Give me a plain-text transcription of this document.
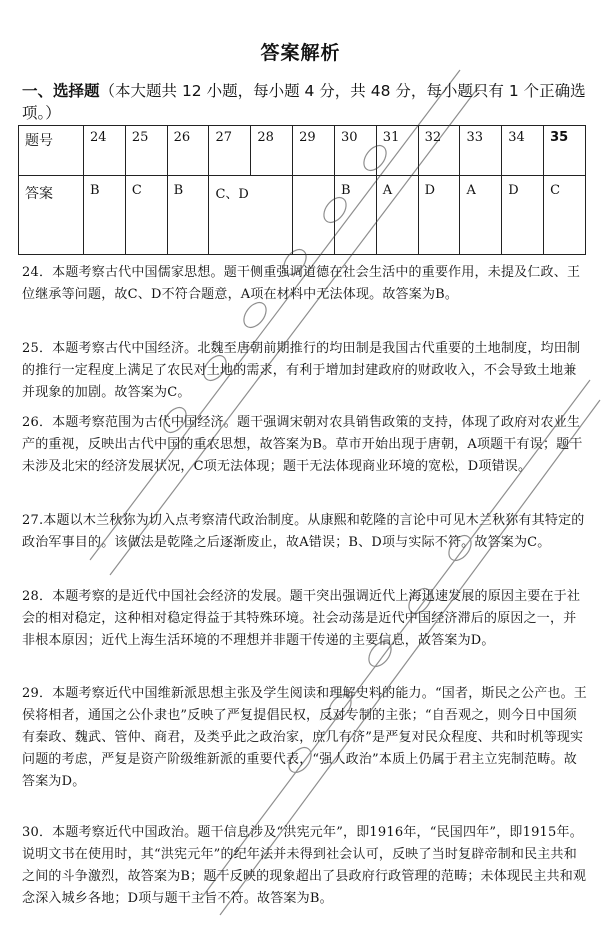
答案解析
一、选择题（本大题共 12 小题，每小题 4 分，共 48 分，每小题只有 1 个正确选项。）
题号	24	25	26	27	28	29	30	31	32	33	34	35
答案	B	C	B	C、D			B	A	D	A	D	C
24．本题考察古代中国儒家思想。题干侧重强调道德在社会生活中的重要作用，未提及仁政、王位继承等问题，故C、D不符合题意，A项在材料中无法体现。故答案为B。
25．本题考察古代中国经济。北魏至唐朝前期推行的均田制是我国古代重要的土地制度，均田制的推行一定程度上满足了农民对土地的需求，有利于增加封建政府的财政收入，不会导致土地兼并现象的加剧。故答案为C。
26．本题考察范围为古代中国经济。题干强调宋朝对农具销售政策的支持，体现了政府对农业生产的重视，反映出古代中国的重农思想，故答案为B。草市开始出现于唐朝，A项题干有误；题干未涉及北宋的经济发展状况，C项无法体现；题干无法体现商业环境的宽松，D项错误。
27.本题以木兰秋狝为切入点考察清代政治制度。从康熙和乾隆的言论中可见木兰秋狝有其特定的政治军事目的。该做法是乾隆之后逐渐废止，故A错误；B、D项与实际不符。故答案为C。
28．本题考察的是近代中国社会经济的发展。题干突出强调近代上海迅速发展的原因主要在于社会的相对稳定，这种相对稳定得益于其特殊环境。社会动荡是近代中国经济滞后的原因之一，并非根本原因；近代上海生活环境的不理想并非题干传递的主要信息，故答案为D。
29．本题考察近代中国维新派思想主张及学生阅读和理解史料的能力。“国者，斯民之公产也。王侯将相者，通国之公仆隶也”反映了严复提倡民权，反对专制的主张；“自吾观之，则今日中国须有秦政、魏武、管仲、商君，及类乎此之政治家，庶几有济”是严复对民众程度、共和时机等现实问题的考虑，严复是资产阶级维新派的重要代表，“强人政治”本质上仍属于君主立宪制范畴。故答案为D。
30．本题考察近代中国政治。题干信息涉及“洪宪元年”，即1916年，“民国四年”，即1915年。说明文书在使用时，其“洪宪元年”的纪年法并未得到社会认可，反映了当时复辟帝制和民主共和之间的斗争激烈，故答案为B；题干反映的现象超出了县政府行政管理的范畴；未体现民主共和观念深入城乡各地；D项与题干主旨不符。故答案为B。
